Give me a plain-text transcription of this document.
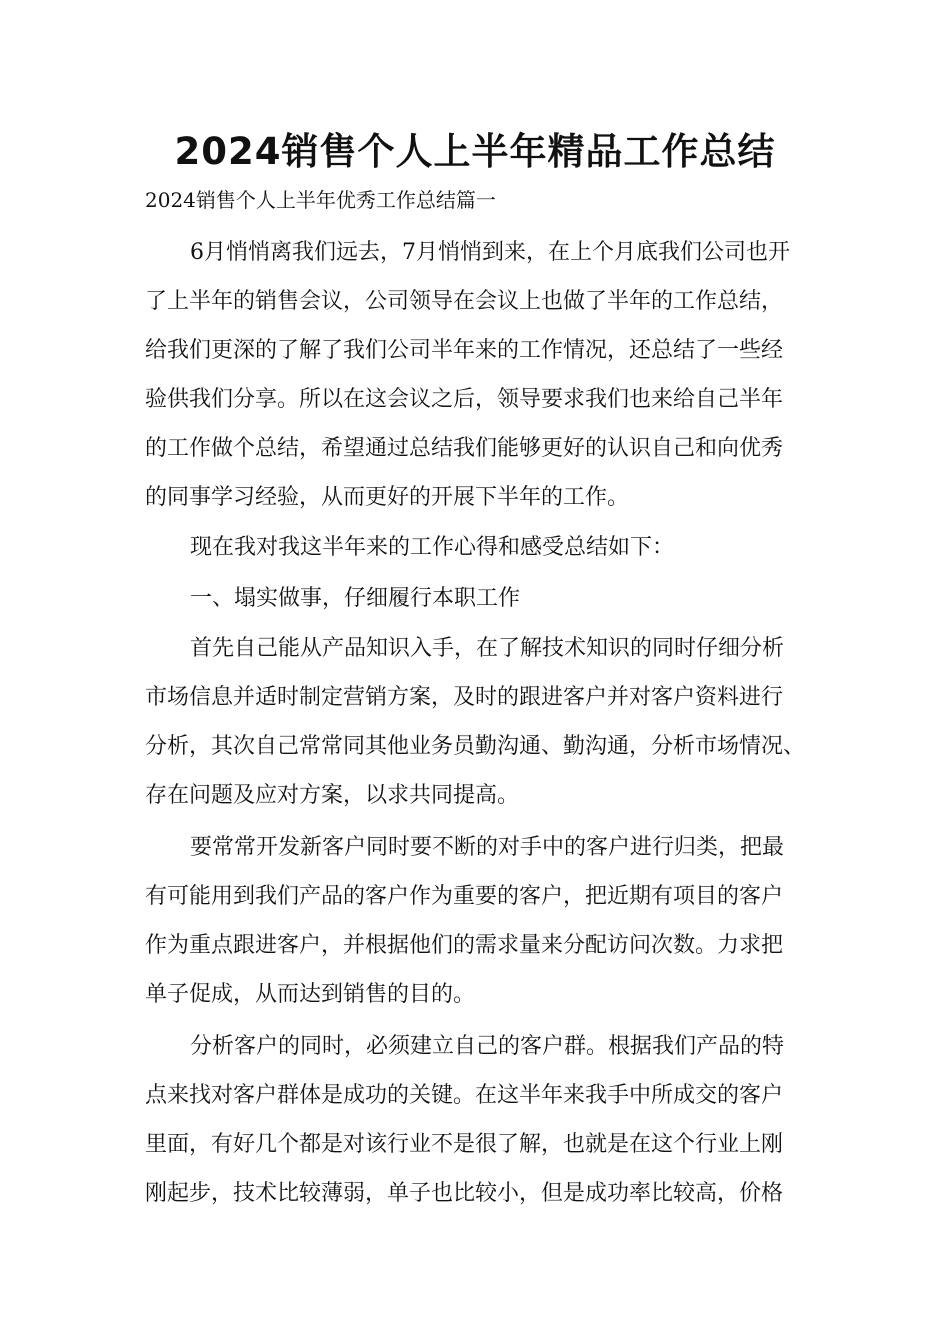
2024销售个人上半年精品工作总结

2024销售个人上半年优秀工作总结篇一

6月悄悄离我们远去，7月悄悄到来，在上个月底我们公司也开

了上半年的销售会议，公司领导在会议上也做了半年的工作总结，

给我们更深的了解了我们公司半年来的工作情况，还总结了一些经

验供我们分享。所以在这会议之后，领导要求我们也来给自己半年

的工作做个总结，希望通过总结我们能够更好的认识自己和向优秀

的同事学习经验，从而更好的开展下半年的工作。

现在我对我这半年来的工作心得和感受总结如下：

一、塌实做事，仔细履行本职工作

首先自己能从产品知识入手，在了解技术知识的同时仔细分析

市场信息并适时制定营销方案，及时的跟进客户并对客户资料进行

分析，其次自己常常同其他业务员勤沟通、勤沟通，分析市场情况、

存在问题及应对方案，以求共同提高。

要常常开发新客户同时要不断的对手中的客户进行归类，把最

有可能用到我们产品的客户作为重要的客户，把近期有项目的客户

作为重点跟进客户，并根据他们的需求量来分配访问次数。力求把

单子促成，从而达到销售的目的。

分析客户的同时，必须建立自己的客户群。根据我们产品的特

点来找对客户群体是成功的关键。在这半年来我手中所成交的客户

里面，有好几个都是对该行业不是很了解，也就是在这个行业上刚

刚起步，技术比较薄弱，单子也比较小，但是成功率比较高，价格
